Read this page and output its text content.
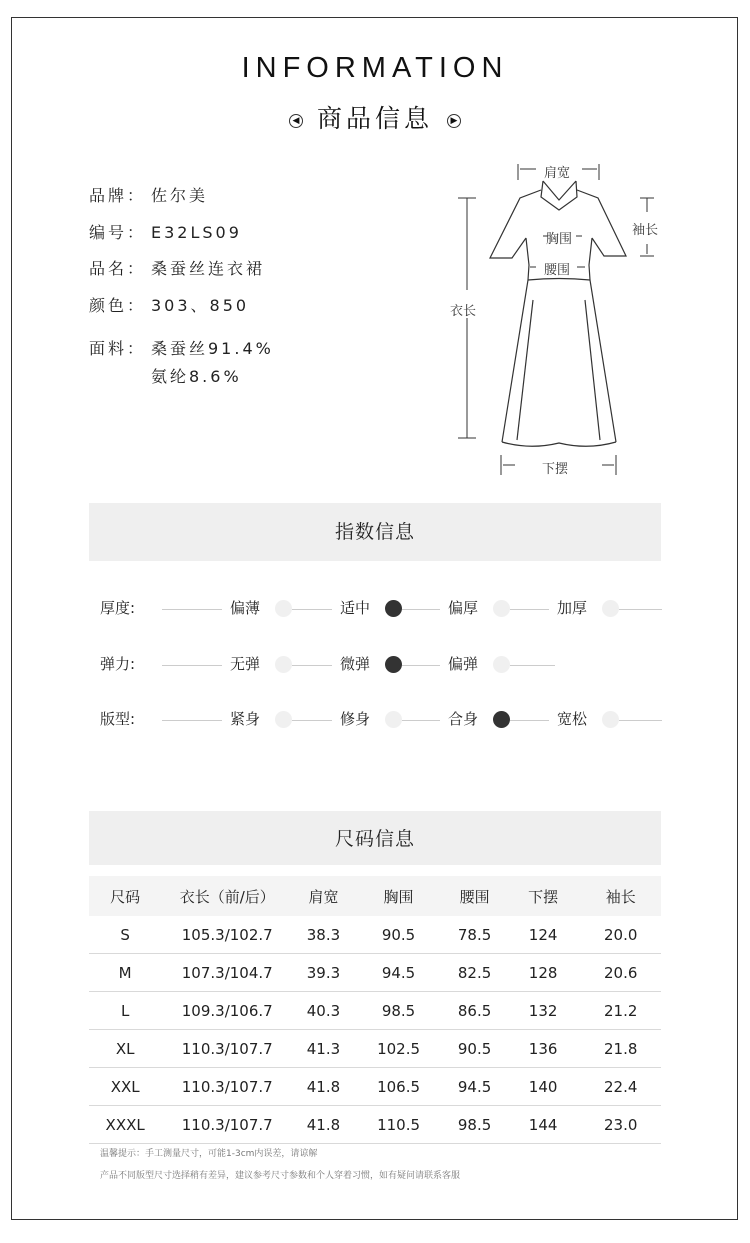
INFORMATION
◀ 商品信息 ▶
品牌： 佐尔美
编号： E32LS09
品名： 桑蚕丝连衣裙
颜色： 303、850
面料： 桑蚕丝91.4%
氨纶8.6%
肩宽
袖长
胸围
腰围
衣长
下摆
指数信息
厚度:	偏薄	适中	偏厚	加厚
弹力:	无弹	微弹	偏弹
版型:	紧身	修身	合身	宽松
尺码信息
尺码	衣长（前/后）	肩宽	胸围	腰围	下摆	袖长
S	105.3/102.7	38.3	90.5	78.5	124	20.0
M	107.3/104.7	39.3	94.5	82.5	128	20.6
L	109.3/106.7	40.3	98.5	86.5	132	21.2
XL	110.3/107.7	41.3	102.5	90.5	136	21.8
XXL	110.3/107.7	41.8	106.5	94.5	140	22.4
XXXL	110.3/107.7	41.8	110.5	98.5	144	23.0
温馨提示：手工测量尺寸，可能1-3cm内误差，请谅解
产品不同版型尺寸选择稍有差异，建议参考尺寸参数和个人穿着习惯，如有疑问请联系客服
